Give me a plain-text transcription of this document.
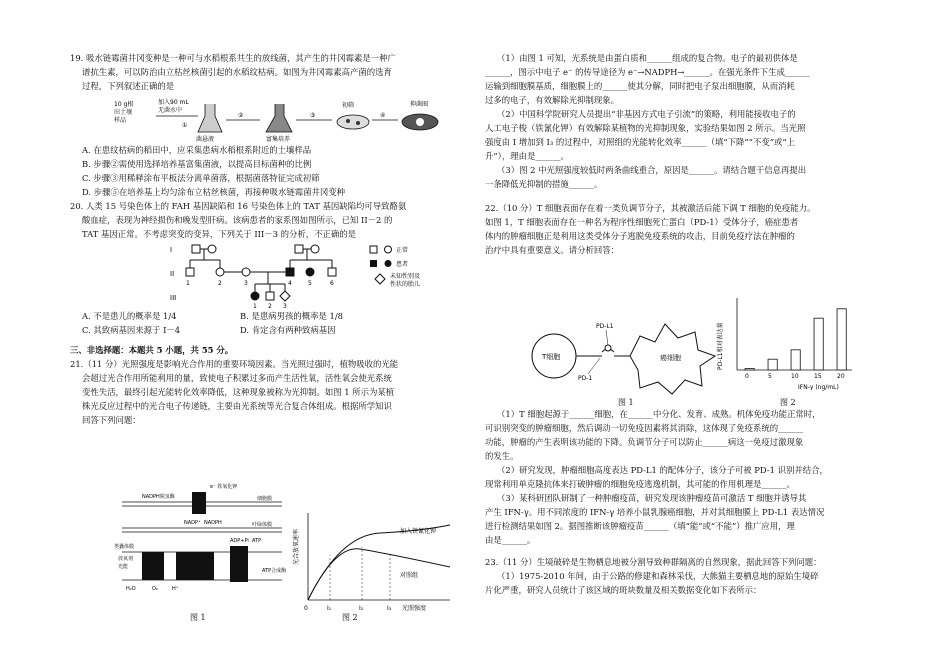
19. 吸水链霉菌井冈变种是一种可与水稻根系共生的放线菌，其产生的井冈霉素是一种广
谱抗生素，可以防治由立枯丝核菌引起的水稻纹枯病。如图为井冈霉素高产菌的选育
过程，下列叙述正确的是
10 g根
田土壤
样品
加入90 mL
无菌水中
菌悬液
②
富集培养
③
初筛
④
抑菌圈
①
A. 在患纹枯病的稻田中，应采集患病水稻根系附近的土壤样品
B. 步骤②需使用选择培养基富集菌液，以提高目标菌种的比例
C. 步骤③用稀释涂布平板法分离单菌落，根据菌落特征完成初筛
D. 步骤⑤在培养基上均匀涂布立枯丝核菌，再接种吸水链霉菌井冈变种
20. 人类 15 号染色体上的 FAH 基因缺陷和 16 号染色体上的 TAT 基因缺陷均可导致酪氨
酸血症，表现为神经损伤和晚发型肝病。该病患者的家系图如图所示，已知 II－2 的
TAT 基因正常。不考虑突变的变异，下列关于 III－3 的分析，不正确的是
I
II
III
1	2	3	4	5	6
1 2 3
正常
患者
未知性别及
性状的胎儿
A. 不是患儿的概率是 1/4	B. 是患病男孩的概率是 1/8
C. 其致病基因来源于 I－4	D. 肯定含有两种致病基因
三、非选择题：本题共 5 小题，共 55 分。
21.（11 分）光照强度是影响光合作用的重要环境因素。当光照过强时，植物吸收的光能
会超过光合作用所能利用的量，致使电子积累过多而产生活性氧，活性氧会使光系统
变性失活，最终引起光能转化效率降低，这种现象被称为光抑制。如图 1 所示为某植
株光反应过程中的光合电子传递链，主要由光系统等光合复合体组成。根据所学知识
回答下列问题：
e⁻ 铁氧化钾
细胞膜
NADPH脱氢酶
叶绿体膜
NADP⁺ NADPH
类囊体膜
放氧剂
光能
ADP+Pi ATP
ATP合成酶
H₂O	O₂	H⁺
图 1
光合放氧速率	加入铁氰化钾
对照组
0	I₁	I₂	I₃ 光照强度
图 2
（1）由图 1 可知，光系统是由蛋白质和______组成的复合物。电子的最初供体是
______，图示中电子 e⁻ 的传导途径为 e⁻→NADPH→______。在强光条件下生成______
运输到细胞膜基质，细胞膜上的______使其分解，同时把电子泵出细胞膜，从而消耗
过多的电子，有效解除光抑制现象。
（2）中国科学院研究人员提出“非基因方式电子引流”的策略，利用能接收电子的
人工电子梭（铁氰化钾）有效解除某植物的光抑制现象，实验结果如图 2 所示。当光照
强度由 I 增加到 I₃ 的过程中，对照组的光能转化效率______（填“下降”“不变”或“上
升”），理由是______。
（3）图 2 中光照强度较低时两条曲线重合，原因是______。请结合题干信息再提出
一条降低光抑制的措施______。
22.（10 分）T 细胞表面存在着一类负调节分子，其被激活后能下调 T 细胞的免疫能力。
如图 1，T 细胞表面存在一种名为程序性细胞死亡蛋白（PD-1）受体分子，癌症患者
体内的肿瘤细胞正是利用这类受体分子逃脱免疫系统的攻击，目前免疫疗法在肿瘤的
治疗中具有重要意义。请分析回答：
T细胞
PD-L1
PD-1
癌细胞
图 1
PD-L1相对表达量
IFN-γ (ng/mL)
0	5	10	15	20
图 2
（1）T 细胞起源于______细胞，在______中分化、发育、成熟。机体免疫功能正常时，
可识别突变的肿瘤细胞，然后调动一切免疫因素将其消除，这体现了免疫系统的______
功能，肿瘤的产生表明该功能的下降。负调节分子可以防止______病这一免疫过激现象
的发生。
（2）研究发现，肿瘤细胞高度表达 PD-L1 的配体分子，该分子可被 PD-1 识别并结合，
现常利用单克隆抗体来打破肿瘤的细胞免疫逃逸机制，其可能的作用机理是______。
（3）某科研团队研制了一种肿瘤疫苗，研究发现该肿瘤疫苗可激活 T 细胞并诱导其
产生 IFN-γ。用不同浓度的 IFN-γ 培养小鼠乳腺癌细胞，并对其细胞膜上 PD-L1 表达情况
进行检测结果如图 2。据图推断该肿瘤疫苗______（填“能”或“不能”）推广应用，理
由是______。
23.（11 分）生境破碎是生物栖息地被分割导致种群隔离的自然现象，据此回答下列问题：
（1）1975-2010 年间，由于公路的修建和森林采伐，大熊猫主要栖息地的原始生境碎
片化严重，研究人员统计了该区域的斑块数量及相关数据变化如下表所示：
